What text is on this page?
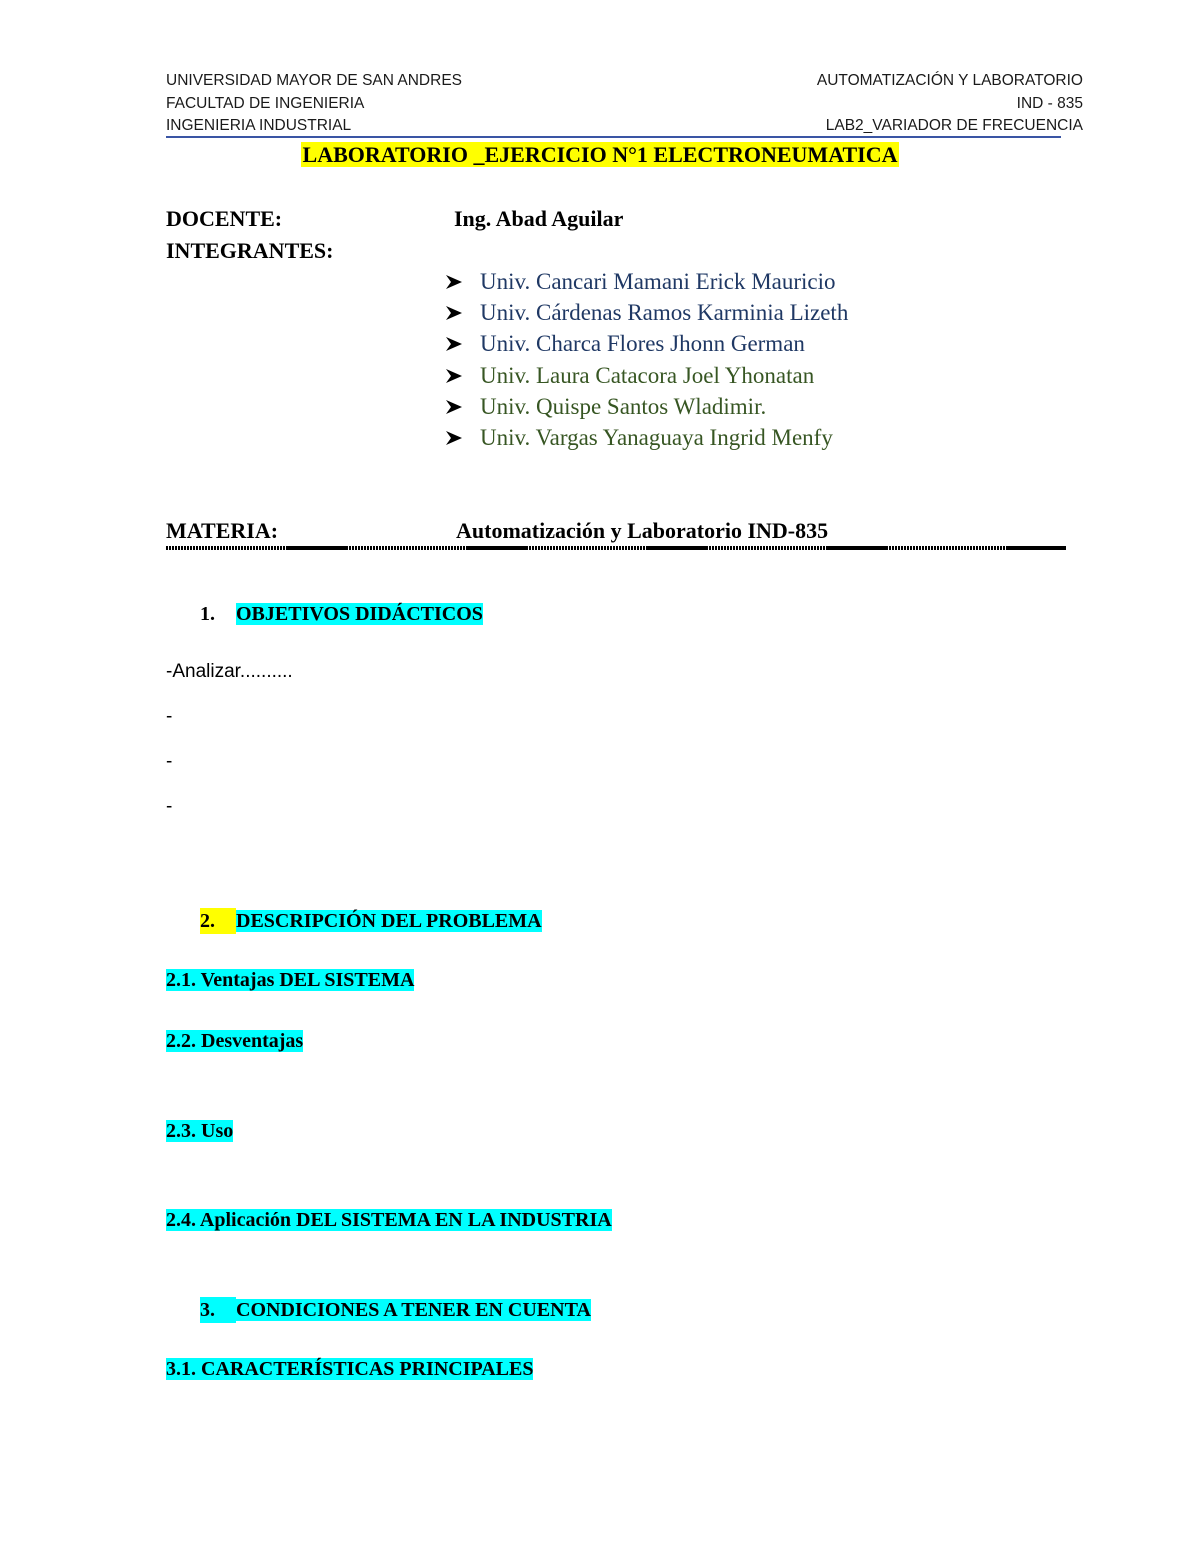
UNIVERSIDAD MAYOR DE SAN ANDRES	AUTOMATIZACIÓN Y LABORATORIO
FACULTAD DE INGENIERIA	IND - 835
INGENIERIA INDUSTRIAL	LAB2_VARIADOR DE FRECUENCIA
LABORATORIO _EJERCICIO N°1 ELECTRONEUMATICA
DOCENTE:	Ing. Abad Aguilar
INTEGRANTES:
Univ. Cancari Mamani Erick Mauricio
Univ. Cárdenas Ramos Karminia Lizeth
Univ. Charca Flores Jhonn German
Univ. Laura Catacora Joel Yhonatan
Univ. Quispe Santos Wladimir.
Univ. Vargas Yanaguaya Ingrid Menfy
MATERIA:	Automatización y Laboratorio IND-835
1. OBJETIVOS DIDÁCTICOS
-Analizar..........
-
-
-
2. DESCRIPCIÓN DEL PROBLEMA
2.1. Ventajas DEL SISTEMA
2.2. Desventajas
2.3. Uso
2.4. Aplicación DEL SISTEMA EN LA INDUSTRIA
3. CONDICIONES A TENER EN CUENTA
3.1. CARACTERÍSTICAS PRINCIPALES
